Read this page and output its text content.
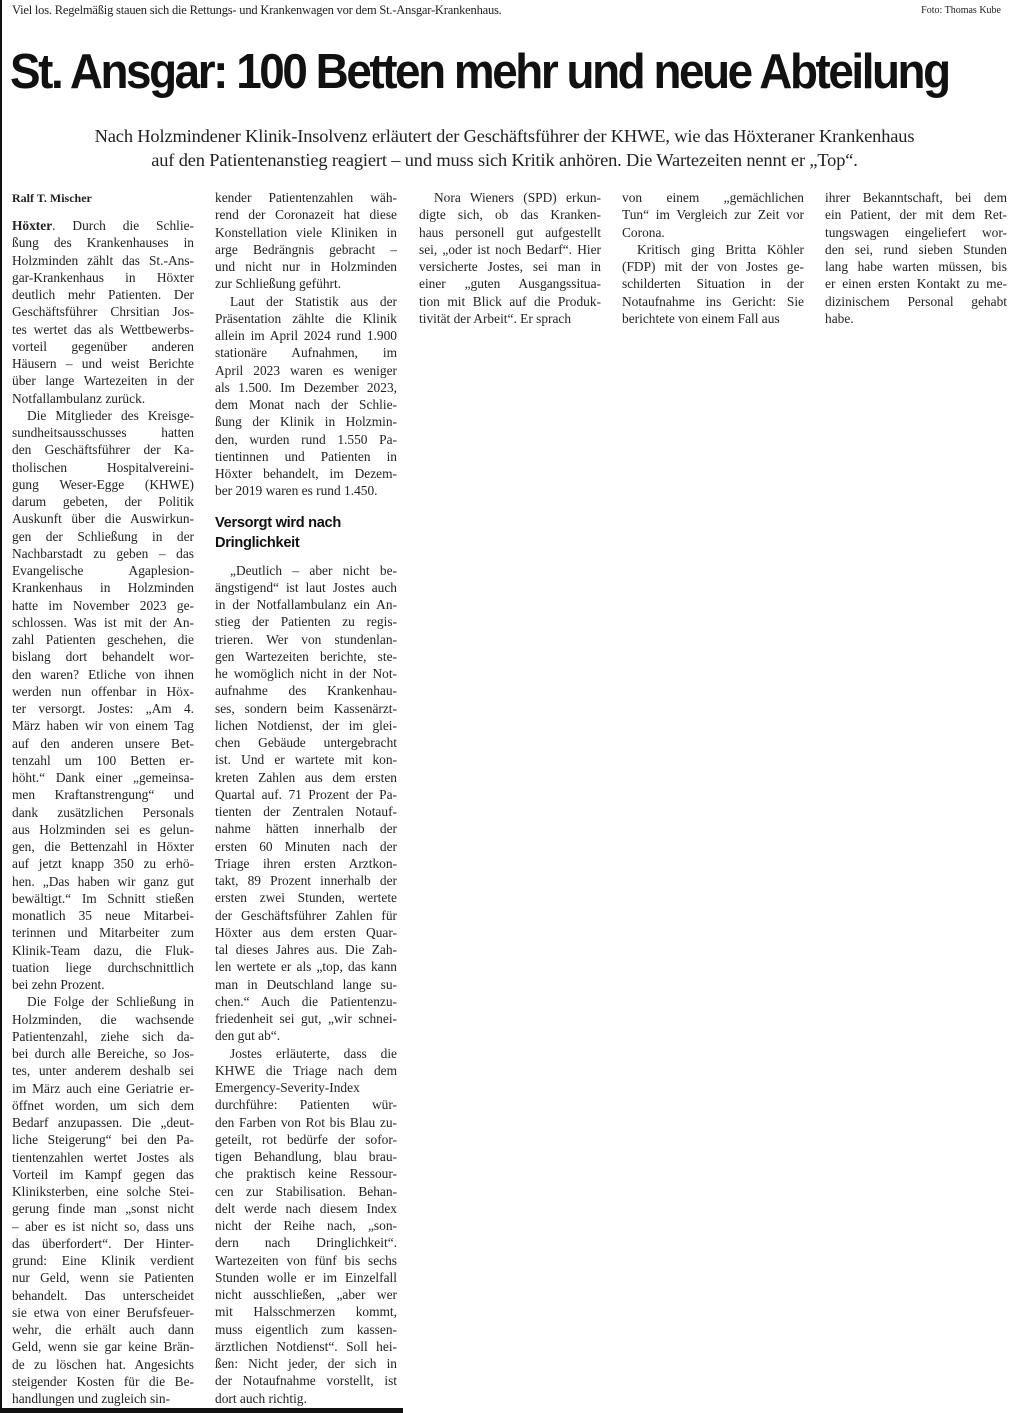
Viel los. Regelmäßig stauen sich die Rettungs- und Krankenwagen vor dem St.-Ansgar-Krankenhaus.	Foto: Thomas Kube
St. Ansgar: 100 Betten mehr und neue Abteilung
Nach Holzmindener Klinik-Insolvenz erläutert der Geschäftsführer der KHWE, wie das Höxteraner Krankenhaus
auf den Patientenanstieg reagiert – und muss sich Kritik anhören. Die Wartezeiten nennt er „Top“.
Ralf T. Mischer
Höxter. Durch die Schlie-
ßung des Krankenhauses in
Holzminden zählt das St.-Ans-
gar-Krankenhaus in Höxter
deutlich mehr Patienten. Der
Geschäftsführer Chrsitian Jos-
tes wertet das als Wettbewerbs-
vorteil gegenüber anderen
Häusern – und weist Berichte
über lange Wartezeiten in der
Notfallambulanz zurück.
Die Mitglieder des Kreisge-
sundheitsausschusses hatten
den Geschäftsführer der Ka-
tholischen Hospitalvereini-
gung Weser-Egge (KHWE)
darum gebeten, der Politik
Auskunft über die Auswirkun-
gen der Schließung in der
Nachbarstadt zu geben – das
Evangelische Agaplesion-
Krankenhaus in Holzminden
hatte im November 2023 ge-
schlossen. Was ist mit der An-
zahl Patienten geschehen, die
bislang dort behandelt wor-
den waren? Etliche von ihnen
werden nun offenbar in Höx-
ter versorgt. Jostes: „Am 4.
März haben wir von einem Tag
auf den anderen unsere Bet-
tenzahl um 100 Betten er-
höht.“ Dank einer „gemeinsa-
men Kraftanstrengung“ und
dank zusätzlichen Personals
aus Holzminden sei es gelun-
gen, die Bettenzahl in Höxter
auf jetzt knapp 350 zu erhö-
hen. „Das haben wir ganz gut
bewältigt.“ Im Schnitt stießen
monatlich 35 neue Mitarbei-
terinnen und Mitarbeiter zum
Klinik-Team dazu, die Fluk-
tuation liege durchschnittlich
bei zehn Prozent.
Die Folge der Schließung in
Holzminden, die wachsende
Patientenzahl, ziehe sich da-
bei durch alle Bereiche, so Jos-
tes, unter anderem deshalb sei
im März auch eine Geriatrie er-
öffnet worden, um sich dem
Bedarf anzupassen. Die „deut-
liche Steigerung“ bei den Pa-
tientenzahlen wertet Jostes als
Vorteil im Kampf gegen das
Kliniksterben, eine solche Stei-
gerung finde man „sonst nicht
– aber es ist nicht so, dass uns
das überfordert“. Der Hinter-
grund: Eine Klinik verdient
nur Geld, wenn sie Patienten
behandelt. Das unterscheidet
sie etwa von einer Berufsfeuer-
wehr, die erhält auch dann
Geld, wenn sie gar keine Brän-
de zu löschen hat. Angesichts
steigender Kosten für die Be-
handlungen und zugleich sin-
kender Patientenzahlen wäh-
rend der Coronazeit hat diese
Konstellation viele Kliniken in
arge Bedrängnis gebracht –
und nicht nur in Holzminden
zur Schließung geführt.
Laut der Statistik aus der
Präsentation zählte die Klinik
allein im April 2024 rund 1.900
stationäre Aufnahmen, im
April 2023 waren es weniger
als 1.500. Im Dezember 2023,
dem Monat nach der Schlie-
ßung der Klinik in Holzmin-
den, wurden rund 1.550 Pa-
tientinnen und Patienten in
Höxter behandelt, im Dezem-
ber 2019 waren es rund 1.450.
Versorgt wird nach
Dringlichkeit
„Deutlich – aber nicht be-
ängstigend“ ist laut Jostes auch
in der Notfallambulanz ein An-
stieg der Patienten zu regis-
trieren. Wer von stundenlan-
gen Wartezeiten berichte, ste-
he womöglich nicht in der Not-
aufnahme des Krankenhau-
ses, sondern beim Kassenärzt-
lichen Notdienst, der im glei-
chen Gebäude untergebracht
ist. Und er wartete mit kon-
kreten Zahlen aus dem ersten
Quartal auf. 71 Prozent der Pa-
tienten der Zentralen Notauf-
nahme hätten innerhalb der
ersten 60 Minuten nach der
Triage ihren ersten Arztkon-
takt, 89 Prozent innerhalb der
ersten zwei Stunden, wertete
der Geschäftsführer Zahlen für
Höxter aus dem ersten Quar-
tal dieses Jahres aus. Die Zah-
len wertete er als „top, das kann
man in Deutschland lange su-
chen.“ Auch die Patientenzu-
friedenheit sei gut, „wir schnei-
den gut ab“.
Jostes erläuterte, dass die
KHWE die Triage nach dem
Emergency-Severity-Index
durchführe: Patienten wür-
den Farben von Rot bis Blau zu-
geteilt, rot bedürfe der sofor-
tigen Behandlung, blau brau-
che praktisch keine Ressour-
cen zur Stabilisation. Behan-
delt werde nach diesem Index
nicht der Reihe nach, „son-
dern nach Dringlichkeit“.
Wartezeiten von fünf bis sechs
Stunden wolle er im Einzelfall
nicht ausschließen, „aber wer
mit Halsschmerzen kommt,
muss eigentlich zum kassen-
ärztlichen Notdienst“. Soll hei-
ßen: Nicht jeder, der sich in
der Notaufnahme vorstellt, ist
dort auch richtig.
Nora Wieners (SPD) erkun-
digte sich, ob das Kranken-
haus personell gut aufgestellt
sei, „oder ist noch Bedarf“. Hier
versicherte Jostes, sei man in
einer „guten Ausgangssitua-
tion mit Blick auf die Produk-
tivität der Arbeit“. Er sprach
von einem „gemächlichen
Tun“ im Vergleich zur Zeit vor
Corona.
Kritisch ging Britta Köhler
(FDP) mit der von Jostes ge-
schilderten Situation in der
Notaufnahme ins Gericht: Sie
berichtete von einem Fall aus
ihrer Bekanntschaft, bei dem
ein Patient, der mit dem Ret-
tungswagen eingeliefert wor-
den sei, rund sieben Stunden
lang habe warten müssen, bis
er einen ersten Kontakt zu me-
dizinischem Personal gehabt
habe.
